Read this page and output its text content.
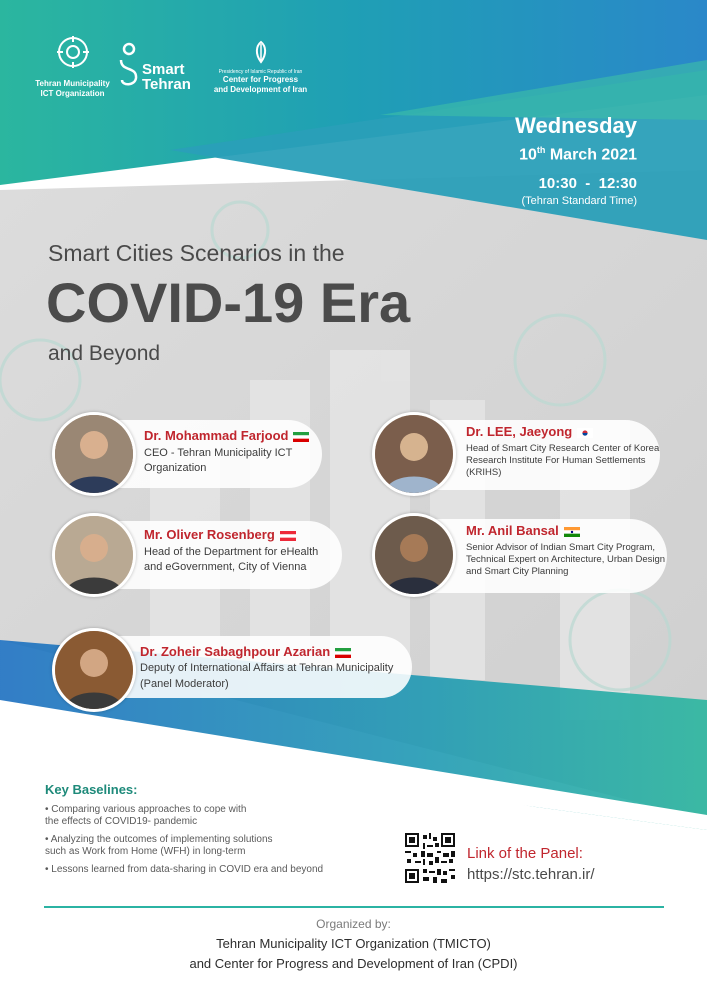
Tehran Municipality
ICT Organization
Smart
Tehran
Presidency of Islamic Republic of Iran
Center for Progress
and Development of Iran
Wednesday
10th March 2021
10:30  -  12:30
(Tehran Standard Time)
Smart Cities Scenarios in the
COVID-19 Era
and Beyond
Dr. Mohammad Farjood
CEO - Tehran Municipality ICT Organization
Dr. LEE, Jaeyong
Head of Smart City Research Center of Korea Research Institute For Human Settlements (KRIHS)
Mr. Oliver Rosenberg
Head of the Department for eHealth and eGovernment, City of Vienna
Mr. Anil Bansal
Senior Advisor of Indian Smart City Program, Technical Expert on Architecture, Urban Design and Smart City Planning
Dr. Zoheir Sabaghpour Azarian
Deputy of International Affairs at Tehran Municipality
(Panel Moderator)
Key Baselines:
• Comparing various approaches to cope with the effects of COVID19- pandemic
• Analyzing the outcomes of implementing solutions such as Work from Home (WFH) in long-term
• Lessons learned from data-sharing in COVID era and beyond
Link of the Panel:
https://stc.tehran.ir/
Organized by:
Tehran Municipality ICT Organization (TMICTO)
and Center for Progress and Development of Iran (CPDI)
